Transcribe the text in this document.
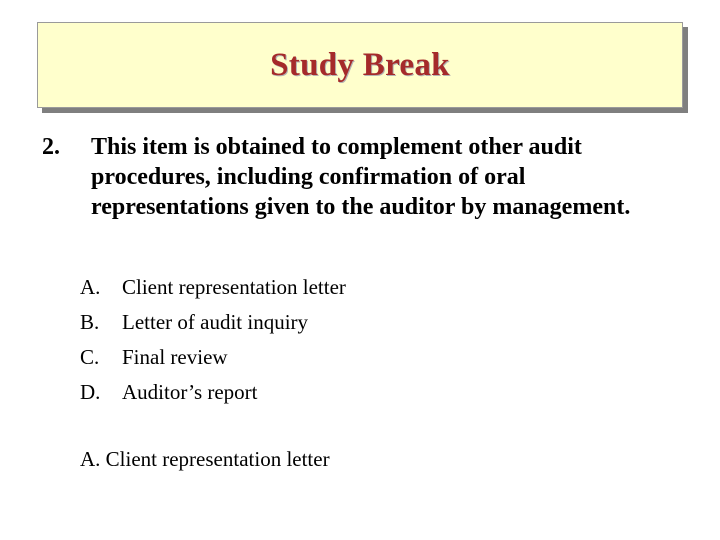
Study Break
2. This item is obtained to complement other audit procedures, including confirmation of oral representations given to the auditor by management.
A. Client representation letter
B. Letter of audit inquiry
C. Final review
D. Auditor’s report
A. Client representation letter
